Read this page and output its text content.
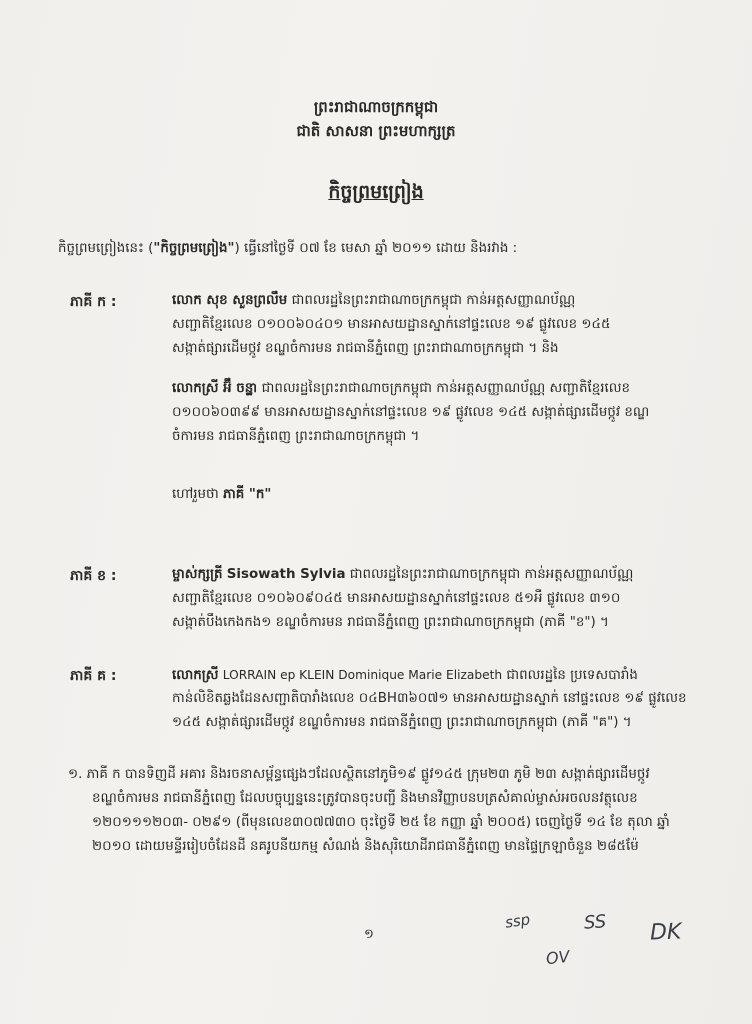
ព្រះរាជាណាចក្រកម្ពុជា
ជាតិ សាសនា ព្រះមហាក្សត្រ
កិច្ចព្រមព្រៀង
កិច្ចព្រមព្រៀងនេះ ("កិច្ចព្រមព្រៀង") ធ្វើនៅថ្ងៃទី ០៧ ខែ មេសា ឆ្នាំ ២០១១ ដោយ និងរវាង :
ភាគី ក :	លោក សុខ សួនព្រលឹម ជាពលរដ្ឋនៃព្រះរាជាណាចក្រកម្ពុជា កាន់អត្តសញ្ញាណប័ណ្ណ
សញ្ជាតិខ្មែរលេខ ០១០០៦០៤០១ មានអាសយដ្ឋានស្នាក់នៅផ្ទះលេខ ១៩ ផ្លូវលេខ ១៤៥
សង្កាត់ផ្សារដើមថ្កូវ ខណ្ឌចំការមន រាជធានីភ្នំពេញ ព្រះរាជាណាចក្រកម្ពុជា ។ និង
លោកស្រី អ៊ឹ ចន្ធ្នា ជាពលរដ្ឋនៃព្រះរាជាណាចក្រកម្ពុជា កាន់អត្តសញ្ញាណប័ណ្ណ សញ្ជាតិខ្មែរលេខ
០១០០៦០៣៩៩ មានអាសយដ្ឋានស្នាក់នៅផ្ទះលេខ ១៩ ផ្លូវលេខ ១៤៥ សង្កាត់ផ្សារដើមថ្កូវ ខណ្ឌ
ចំការមន រាជធានីភ្នំពេញ ព្រះរាជាណាចក្រកម្ពុជា ។
ហៅរួមថា ភាគី "ក"
ភាគី ខ :	ម្ចាស់ក្សត្រី Sisowath Sylvia ជាពលរដ្ឋនៃព្រះរាជាណាចក្រកម្ពុជា កាន់អត្តសញ្ញាណប័ណ្ណ
សញ្ជាតិខ្មែរលេខ ០១០៦០៩០៤៥ មានអាសយដ្ឋានស្នាក់នៅផ្ទះលេខ ៥១អឺ ផ្លូវលេខ ៣១០
សង្កាត់បឹងកេងកង១ ខណ្ឌចំការមន រាជធានីភ្នំពេញ ព្រះរាជាណាចក្រកម្ពុជា (ភាគី "ខ") ។
ភាគី គ :	លោកស្រី LORRAIN ep KLEIN Dominique Marie Elizabeth ជាពលរដ្ឋនៃ ប្រទេសបារាំង
កាន់លិខិតឆ្លងដែនសញ្ជាតិបារាំងលេខ ០៤BH៣៦០៧១ មានអាសយដ្ឋានស្នាក់ នៅផ្ទះលេខ ១៩ ផ្លូវលេខ
១៤៥ សង្កាត់ផ្សារដើមថ្កូវ ខណ្ឌចំការមន រាជធានីភ្នំពេញ ព្រះរាជាណាចក្រកម្ពុជា (ភាគី "គ") ។
១. ភាគី ក បានទិញដី អគារ និងរចនាសម្ព័ន្ធផ្សេងៗដែលស្ថិតនៅភូមិ១៩ ផ្លូវ១៤៥ ក្រុម២៣ ភូមិ ២៣ សង្កាត់ផ្សារដើមថ្កូវ
ខណ្ឌចំការមន រាជធានីភ្នំពេញ ដែលបច្ចុប្បន្ននេះត្រូវបានចុះបញ្ជី និងមានវិញ្ញាបនបត្រសំគាល់ម្ចាស់អចលនវត្ថុលេខ
១២០១១១២០៣- ០២៩១ (ពីមុនលេខ៣០៧៧៣០ ចុះថ្ងៃទី ២៥ ខែ កញ្ញា ឆ្នាំ ២០០៥) ចេញថ្ងៃទី ១៤ ខែ តុលា ឆ្នាំ
២០១០ ដោយមន្ទីររៀបចំដែនដី នគរូបនីយកម្ម សំណង់ និងសុរិយោដីរាជធានីភ្នំពេញ មានផ្ទៃក្រឡាចំនួន ២៨៥ម៉ែ
១
ssp	SS
OV
DK
